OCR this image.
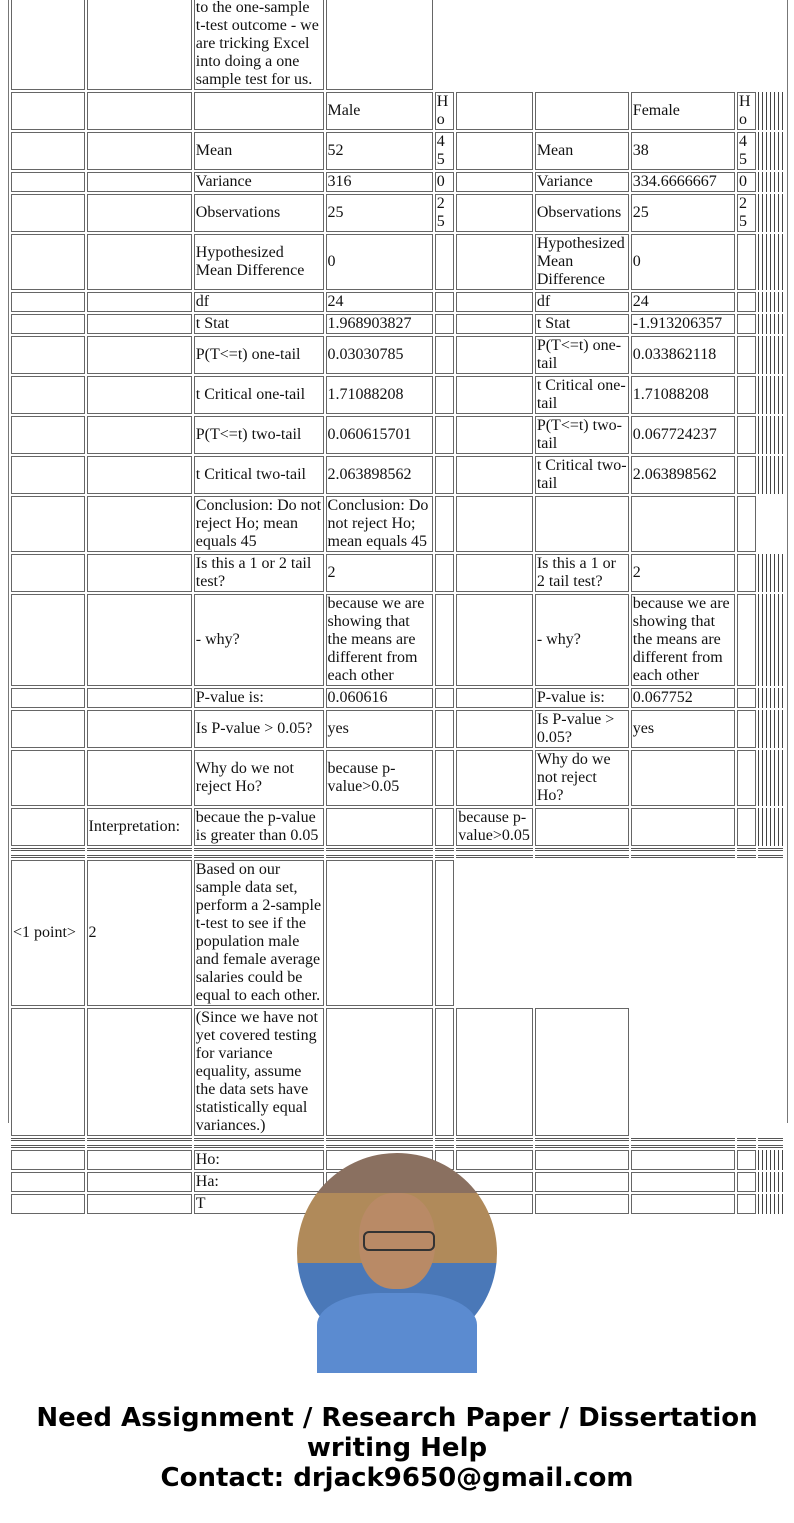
		to the one-sample t-test outcome - we are tricking Excel into doing a one sample test for us.							
			Male	Ho			Female	Ho	
		Mean	52	45		Mean	38	45	
		Variance	316	0		Variance	334.6666667	0	
		Observations	25	25		Observations	25	25	
		Hypothesized Mean Difference	0			Hypothesized Mean Difference	0		
		df	24			df	24		
		t Stat	1.968903827			t Stat	-1.913206357		
		P(T<=t) one-tail	0.03030785			P(T<=t) one-tail	0.033862118		
		t Critical one-tail	1.71088208			t Critical one-tail	1.71088208		
		P(T<=t) two-tail	0.060615701			P(T<=t) two-tail	0.067724237		
		t Critical two-tail	2.063898562			t Critical two-tail	2.063898562		
		Conclusion: Do not reject Ho; mean equals 45	Conclusion: Do not reject Ho; mean equals 45						
		Is this a 1 or 2 tail test?	2			Is this a 1 or 2 tail test?	2		
		- why?	because we are showing that the means are different from each other			- why?	because we are showing that the means are different from each other		
		P-value is:	0.060616			P-value is:	0.067752		
		Is P-value > 0.05?	yes			Is P-value > 0.05?	yes		
		Why do we not reject Ho?	because p-value>0.05			Why do we not reject Ho?			
	Interpretation:	becaue the p-value is greater than 0.05			because p-value>0.05				

<1 point>	2	Based on our sample data set, perform a 2-sample t-test to see if the population male and female average salaries could be equal to each other.							
		(Since we have not yet covered testing for variance equality, assume the data sets have statistically equal variances.)							

		Ho:							
		Ha:							
		T							
Need Assignment / Research Paper / Dissertation writing Help
Contact: drjack9650@gmail.com
